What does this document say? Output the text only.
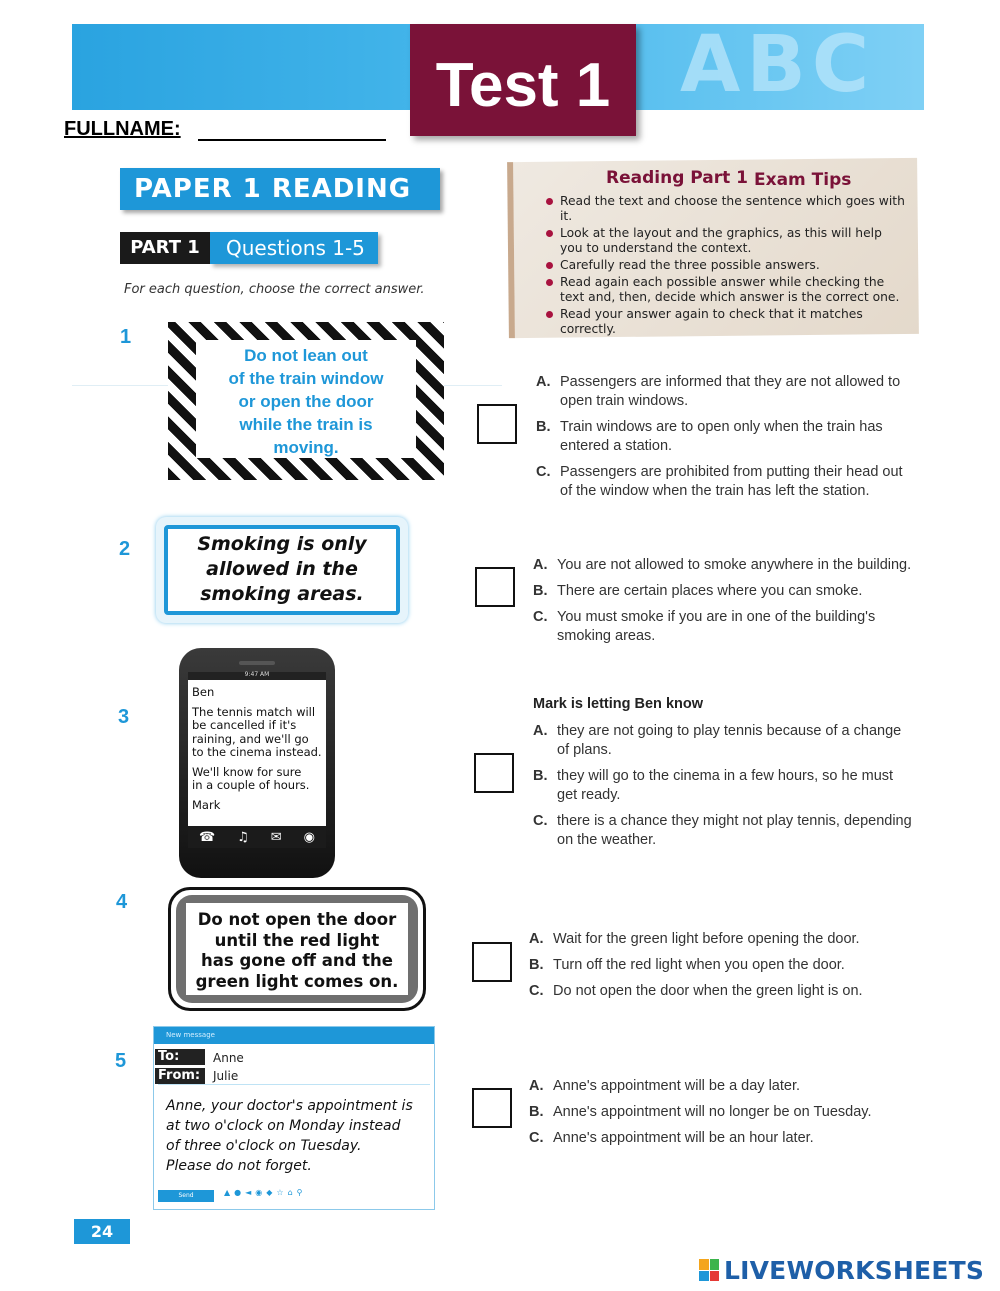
ABC
Test 1
FULLNAME:
PAPER 1 READING
PART 1	Questions 1-5
For each question, choose the correct answer.
Reading Part 1 Exam Tips
Read the text and choose the sentence which goes with it.
Look at the layout and the graphics, as this will help you to understand the context.
Carefully read the three possible answers.
Read again each possible answer while checking the text and, then, decide which answer is the correct one.
Read your answer again to check that it matches correctly.
1
Do not lean out
of the train window
or open the door
while the train is
moving.
A. Passengers are informed that they are not allowed to open train windows.
B. Train windows are to open only when the train has entered a station.
C. Passengers are prohibited from putting their head out of the window when the train has left the station.
2	Smoking is only
allowed in the
smoking areas.
A. You are not allowed to smoke anywhere in the building.
B. There are certain places where you can smoke.
C. You must smoke if you are in one of the building's smoking areas.
3
9:47 AM
Ben
The tennis match will
be cancelled if it's
raining, and we'll go
to the cinema instead.
We'll know for sure
in a couple of hours.
Mark
☎ ♫ ✉ ◉
Mark is letting Ben know
A. they are not going to play tennis because of a change of plans.
B. they will go to the cinema in a few hours, so he must get ready.
C. there is a chance they might not play tennis, depending on the weather.
4
Do not open the door
until the red light
has gone off and the
green light comes on.
A. Wait for the green light before opening the door.
B. Turn off the red light when you open the door.
C. Do not open the door when the green light is on.
5
New message
To:	Anne
From:	Julie
Anne, your doctor's appointment is
at two o'clock on Monday instead
of three o'clock on Tuesday.
Please do not forget.
Send	▲●◄◉◆☆⌂⚲
A. Anne's appointment will be a day later.
B. Anne's appointment will no longer be on Tuesday.
C. Anne's appointment will be an hour later.
24
LIVEWORKSHEETS
